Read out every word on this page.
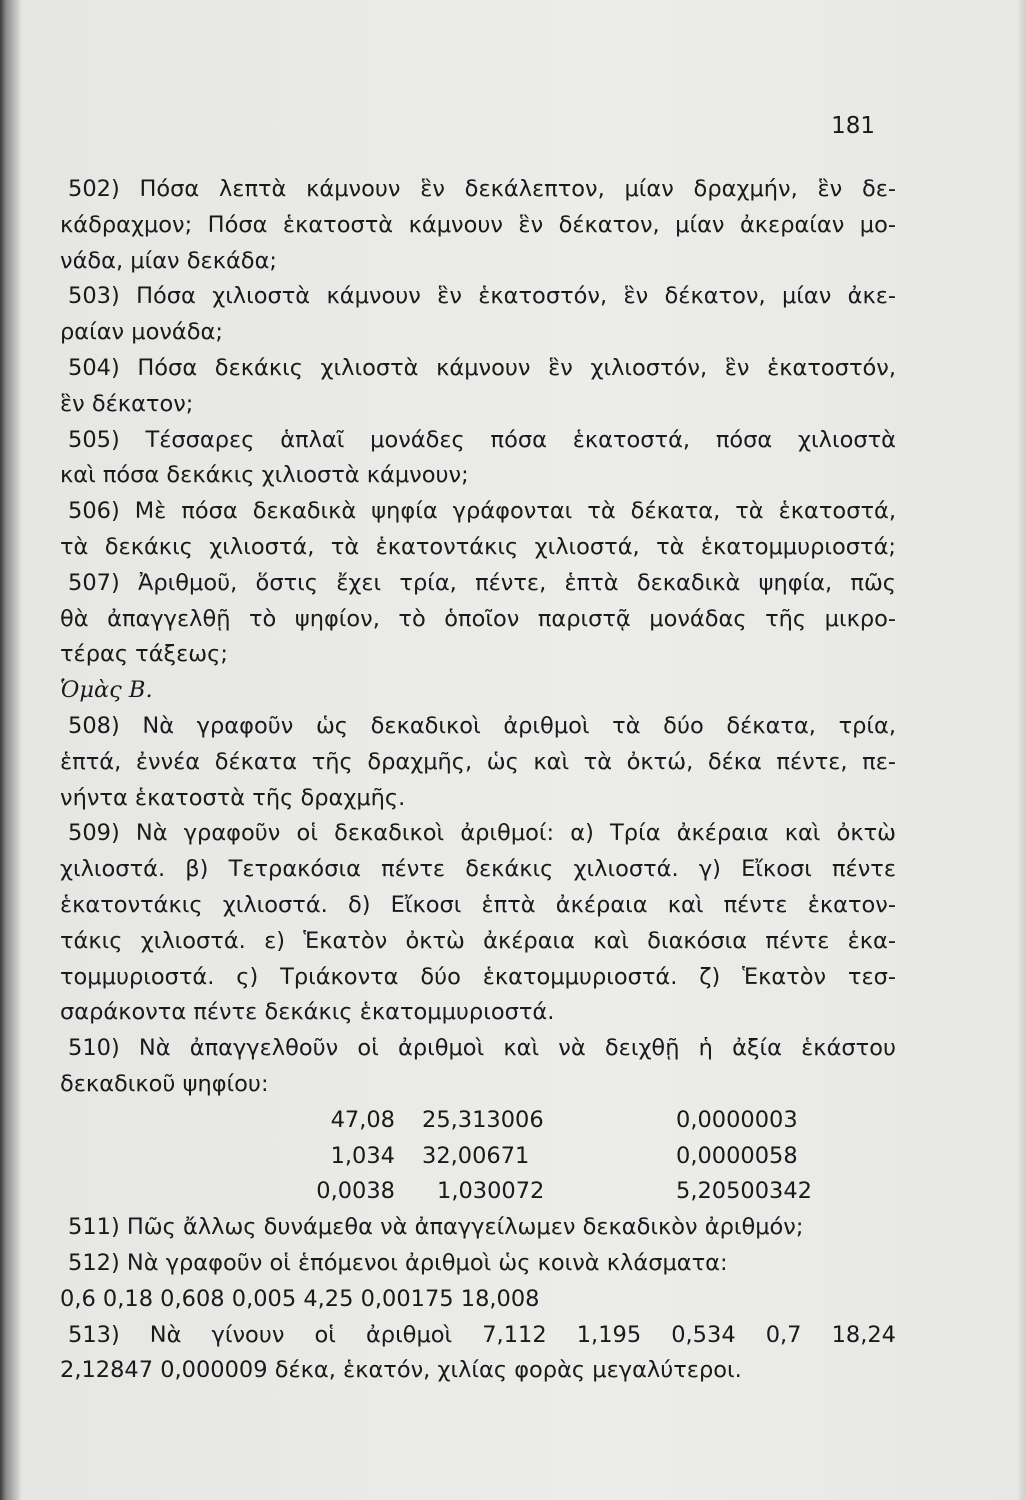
181
502) Πόσα λεπτὰ κάμνουν ἓν δεκάλεπτον, μίαν δραχμήν, ἓν δε-
κάδραχμον; Πόσα ἑκατοστὰ κάμνουν ἓν δέκατον, μίαν ἀκεραίαν μο-
νάδα, μίαν δεκάδα;
503) Πόσα χιλιοστὰ κάμνουν ἓν ἑκατοστόν, ἓν δέκατον, μίαν ἀκε-
ραίαν μονάδα;
504) Πόσα δεκάκις χιλιοστὰ κάμνουν ἓν χιλιοστόν, ἓν ἑκατοστόν,
ἓν δέκατον;
505) Τέσσαρες ἁπλαῖ μονάδες πόσα ἑκατοστά, πόσα χιλιοστὰ
καὶ πόσα δεκάκις χιλιοστὰ κάμνουν;
506) Μὲ πόσα δεκαδικὰ ψηφία γράφονται τὰ δέκατα, τὰ ἑκατοστά,
τὰ δεκάκις χιλιοστά, τὰ ἑκατοντάκις χιλιοστά, τὰ ἑκατομμυριοστά;
507) Ἀριθμοῦ, ὅστις ἔχει τρία, πέντε, ἑπτὰ δεκαδικὰ ψηφία, πῶς
θὰ ἀπαγγελθῇ τὸ ψηφίον, τὸ ὁποῖον παριστᾷ μονάδας τῆς μικρο-
τέρας τάξεως;
Ὁμὰς Β.
508) Νὰ γραφοῦν ὡς δεκαδικοὶ ἀριθμοὶ τὰ δύο δέκατα, τρία,
ἑπτά, ἐννέα δέκατα τῆς δραχμῆς, ὡς καὶ τὰ ὀκτώ, δέκα πέντε, πε-
νήντα ἑκατοστὰ τῆς δραχμῆς.
509) Νὰ γραφοῦν οἱ δεκαδικοὶ ἀριθμοί: α) Τρία ἀκέραια καὶ ὀκτὼ
χιλιοστά. β) Τετρακόσια πέντε δεκάκις χιλιοστά. γ) Εἴκοσι πέντε
ἑκατοντάκις χιλιοστά. δ) Εἴκοσι ἑπτὰ ἀκέραια καὶ πέντε ἑκατον-
τάκις χιλιοστά. ε) Ἑκατὸν ὀκτὼ ἀκέραια καὶ διακόσια πέντε ἑκα-
τομμυριοστά. ς) Τριάκοντα δύο ἑκατομμυριοστά. ζ) Ἑκατὸν τεσ-
σαράκοντα πέντε δεκάκις ἑκατομμυριοστά.
510) Νὰ ἀπαγγελθοῦν οἱ ἀριθμοὶ καὶ νὰ δειχθῇ ἡ ἀξία ἑκάστου
δεκαδικοῦ ψηφίου:
47,08	25,313006	0,0000003
1,034	32,00671	0,0000058
0,0038	1,030072	5,20500342
511) Πῶς ἄλλως δυνάμεθα νὰ ἀπαγγείλωμεν δεκαδικὸν ἀριθμόν;
512) Νὰ γραφοῦν οἱ ἑπόμενοι ἀριθμοὶ ὡς κοινὰ κλάσματα:
0,6 0,18 0,608 0,005 4,25 0,00175 18,008
513) Νὰ γίνουν οἱ ἀριθμοὶ 7,112 1,195 0,534 0,7 18,24
2,12847 0,000009 δέκα, ἑκατόν, χιλίας φορὰς μεγαλύτεροι.
